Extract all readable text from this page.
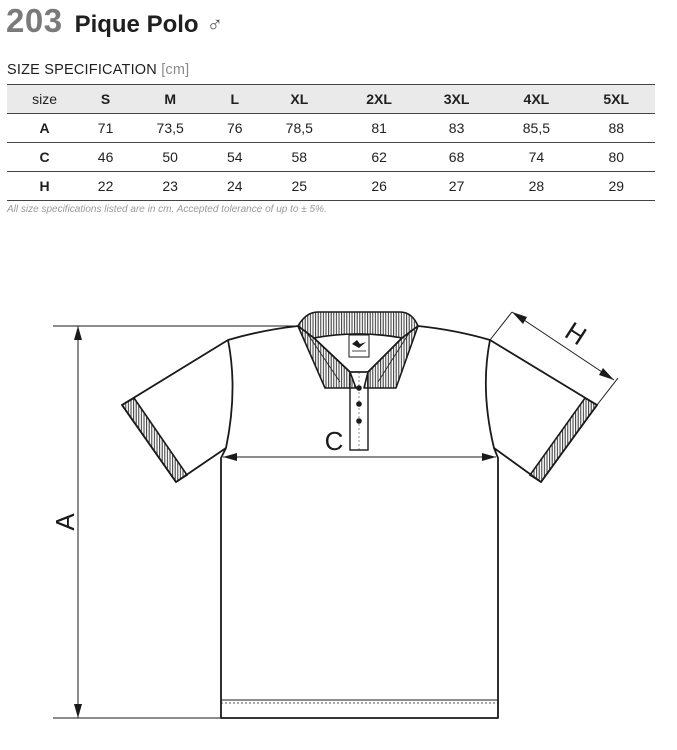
203 Pique Polo ♂
SIZE SPECIFICATION [cm]
size	S	M	L	XL	2XL	3XL	4XL	5XL
A	71	73,5	76	78,5	81	83	85,5	88
C	46	50	54	58	62	68	74	80
H	22	23	24	25	26	27	28	29
All size specifications listed are in cm. Accepted tolerance of up to ± 5%.
A
C
H
